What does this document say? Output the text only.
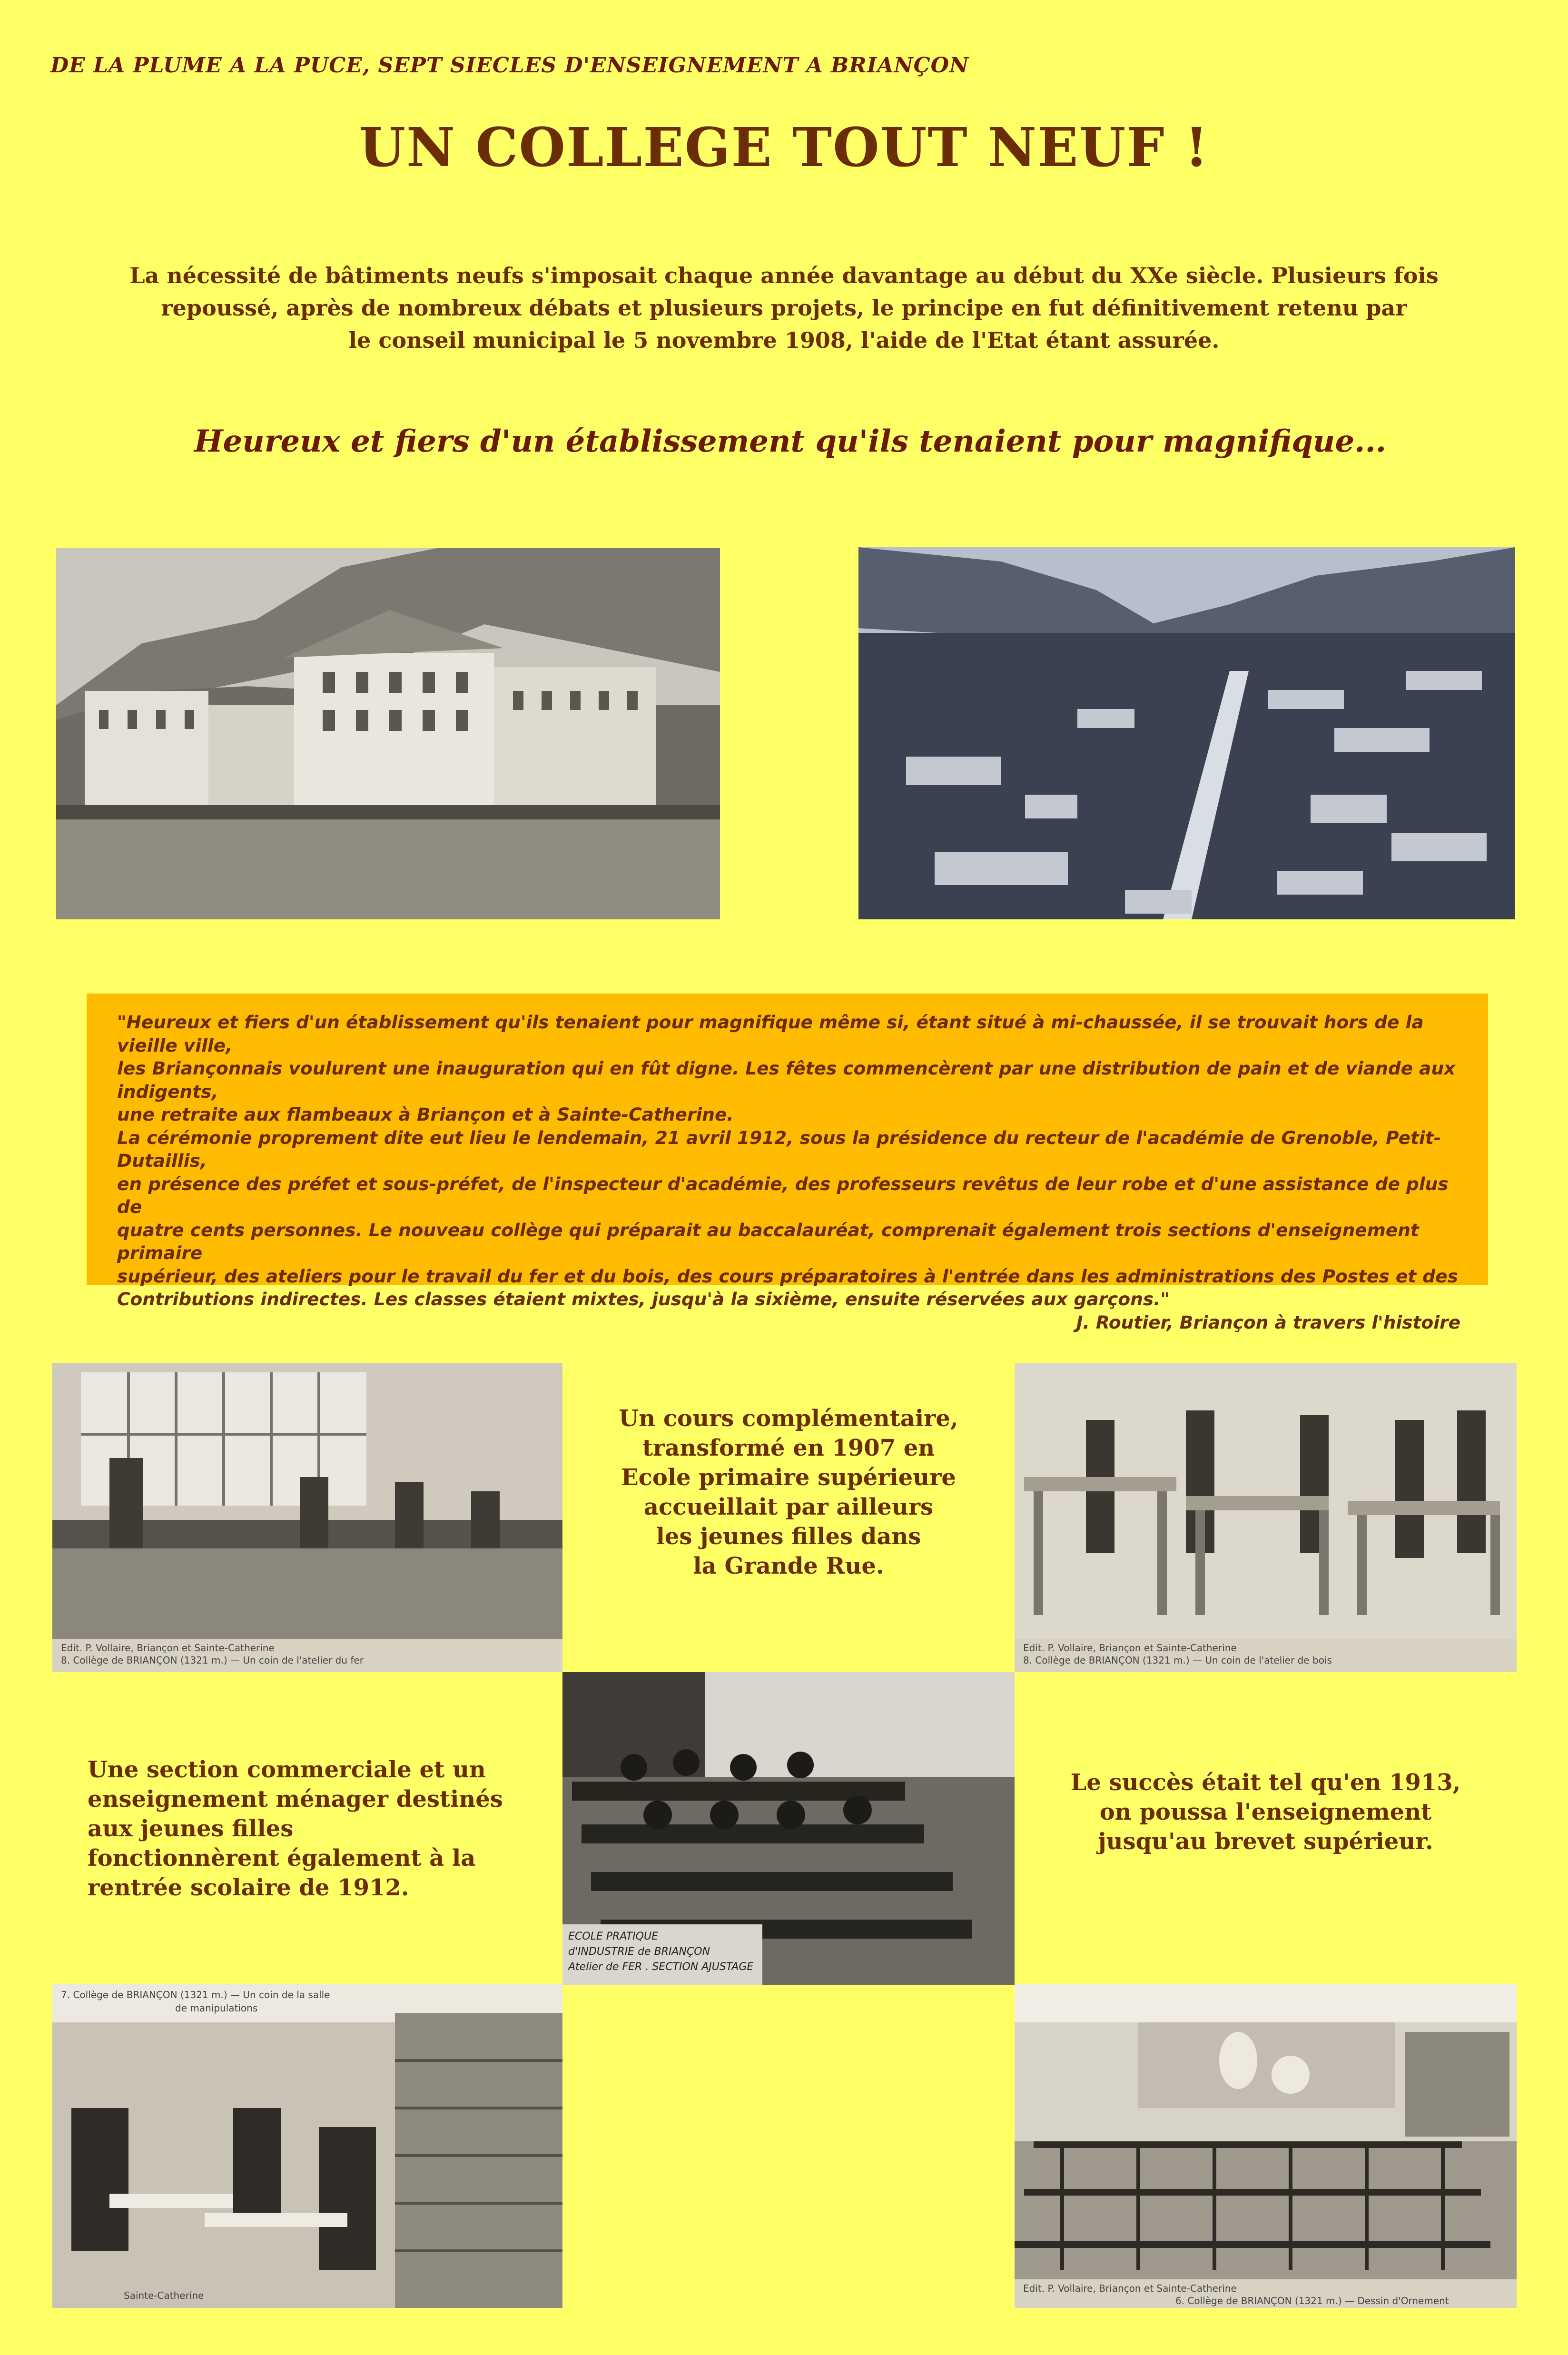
DE LA PLUME A LA PUCE, SEPT SIECLES D'ENSEIGNEMENT A BRIANÇON
UN COLLEGE TOUT NEUF !
La nécessité de bâtiments neufs s'imposait chaque année davantage au début du XXe siècle. Plusieurs fois
repoussé, après de nombreux débats et plusieurs projets, le principe en fut définitivement retenu par
le conseil municipal le 5 novembre 1908, l'aide de l'Etat étant assurée.
Heureux et fiers d'un établissement qu'ils tenaient pour magnifique...

"Heureux et fiers d'un établissement qu'ils tenaient pour magnifique même si, étant situé à mi-chaussée, il se trouvait hors de la vieille ville,

les Briançonnais voulurent une inauguration qui en fût digne. Les fêtes commencèrent par une distribution de pain et de viande aux indigents,

une retraite aux flambeaux à Briançon et à Sainte-Catherine.

La cérémonie proprement dite eut lieu le lendemain, 21 avril 1912, sous la présidence du recteur de l'académie de Grenoble, Petit-Dutaillis,

en présence des préfet et sous-préfet, de l'inspecteur d'académie, des professeurs revêtus de leur robe et d'une assistance de plus de

quatre cents personnes. Le nouveau collège qui préparait au baccalauréat, comprenait également trois sections d'enseignement primaire

supérieur, des ateliers pour le travail du fer et du bois, des cours préparatoires à l'entrée dans les administrations des Postes et des

Contributions indirectes. Les classes étaient mixtes, jusqu'à la sixième, ensuite réservées aux garçons."

J. Routier, Briançon à travers l'histoire

Edit. P. Vollaire, Briançon et Sainte-Catherine
8. Collège de BRIANÇON (1321 m.) — Un coin de l'atelier du fer
Un cours complémentaire,
transformé en 1907 en
Ecole primaire supérieure
accueillait par ailleurs
les jeunes filles dans
la Grande Rue.
Edit. P. Vollaire, Briançon et Sainte-Catherine
8. Collège de BRIANÇON (1321 m.) — Un coin de l'atelier de bois
Une section commerciale et un
enseignement ménager destinés
aux jeunes filles
fonctionnèrent également à la
rentrée scolaire de 1912.
ECOLE PRATIQUE
d'INDUSTRIE de BRIANÇON
Atelier de FER . SECTION AJUSTAGE
Le succès était tel qu'en 1913,
on poussa l'enseignement
jusqu'au brevet supérieur.
7. Collège de BRIANÇON (1321 m.) — Un coin de la salle
de manipulations
Sainte-Catherine
Edit. P. Vollaire, Briançon et Sainte-Catherine
6. Collège de BRIANÇON (1321 m.) — Dessin d'Ornement
